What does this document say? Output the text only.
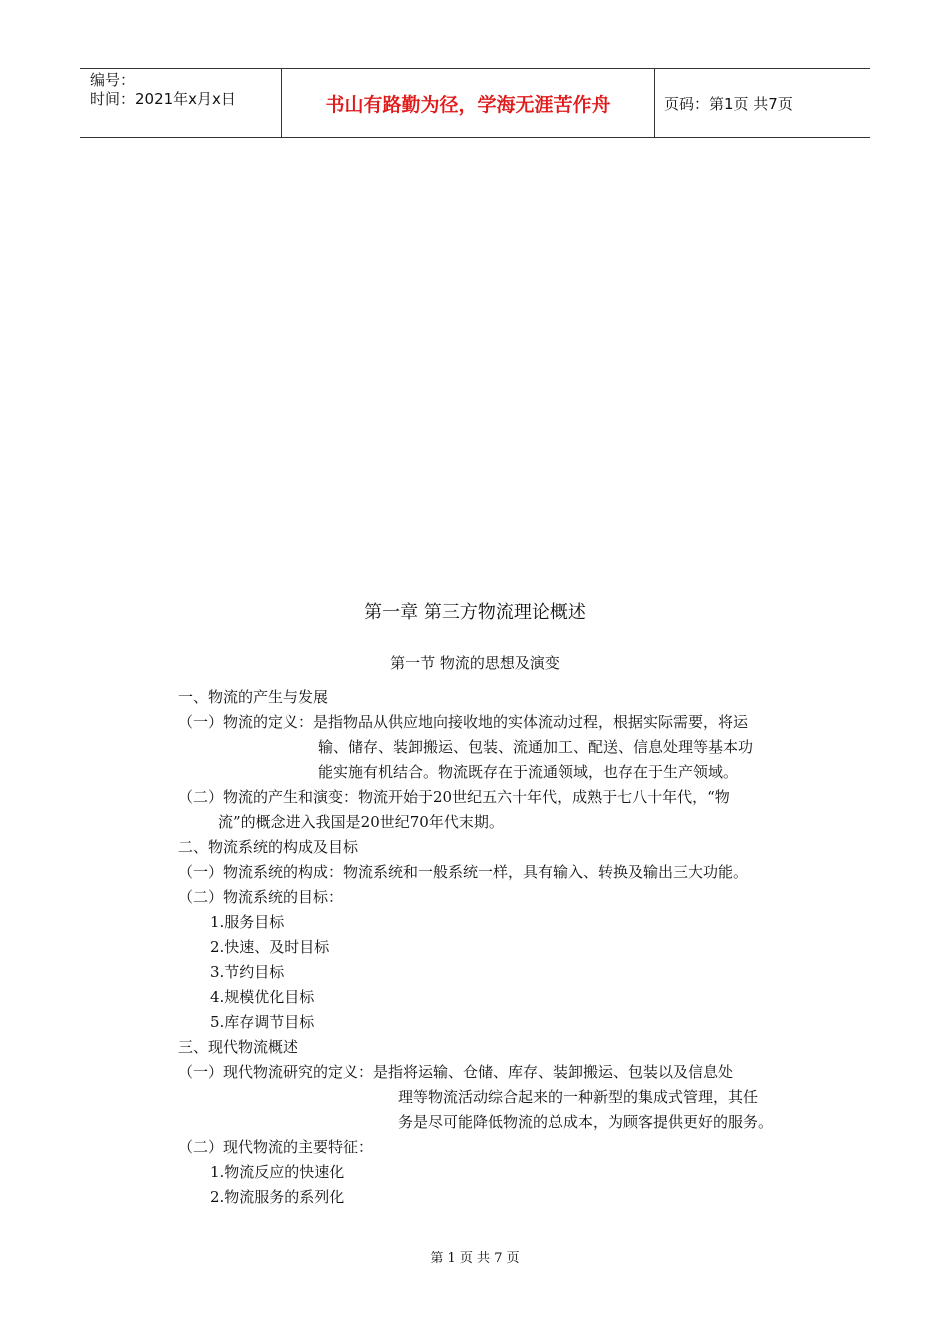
编号：
时间：2021年x月x日	书山有路勤为径，学海无涯苦作舟	页码：第1页 共7页
第一章 第三方物流理论概述
第一节 物流的思想及演变
一、物流的产生与发展
（一）物流的定义：是指物品从供应地向接收地的实体流动过程，根据实际需要，将运
输、储存、装卸搬运、包装、流通加工、配送、信息处理等基本功
能实施有机结合。物流既存在于流通领域，也存在于生产领域。
（二）物流的产生和演变：物流开始于20世纪五六十年代，成熟于七八十年代，“物
流”的概念进入我国是20世纪70年代末期。
二、物流系统的构成及目标
（一）物流系统的构成：物流系统和一般系统一样，具有输入、转换及输出三大功能。
（二）物流系统的目标：
1.服务目标
2.快速、及时目标
3.节约目标
4.规模优化目标
5.库存调节目标
三、现代物流概述
（一）现代物流研究的定义：是指将运输、仓储、库存、装卸搬运、包装以及信息处
理等物流活动综合起来的一种新型的集成式管理，其任
务是尽可能降低物流的总成本，为顾客提供更好的服务。
（二）现代物流的主要特征：
1.物流反应的快速化
2.物流服务的系列化
第 1 页 共 7 页
